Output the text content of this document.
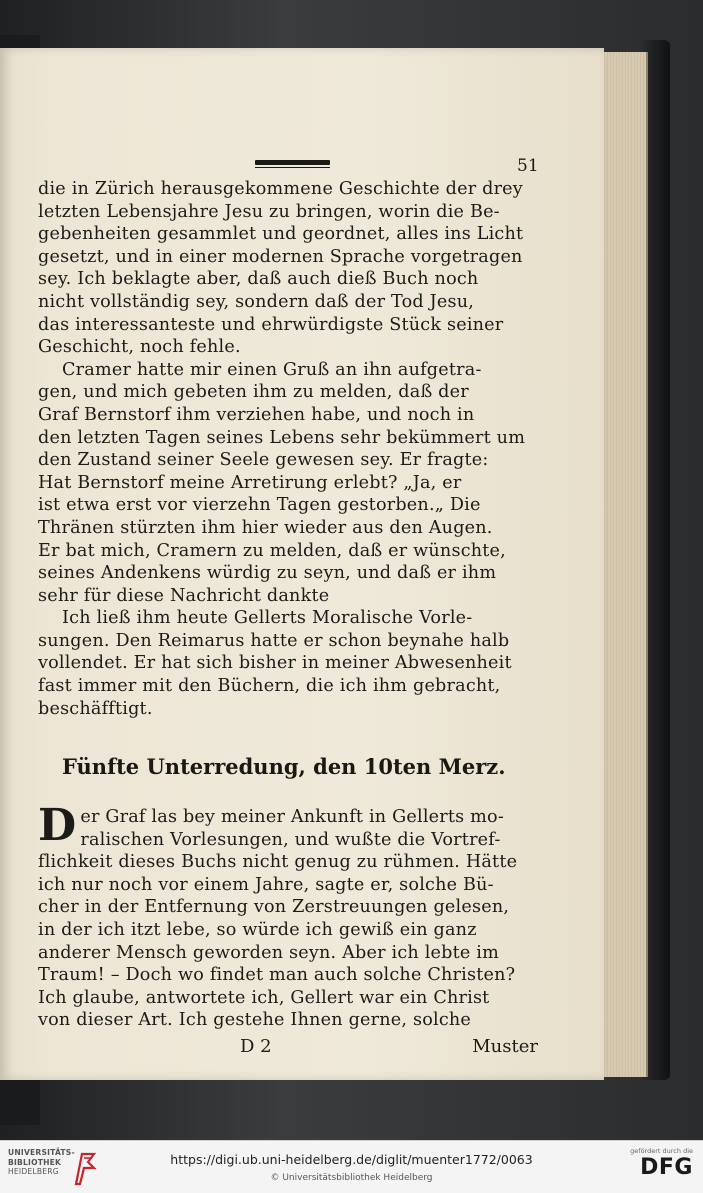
51
die in Zürich herausgekommene Geschichte der drey
letzten Lebensjahre Jesu zu bringen, worin die Be-
gebenheiten gesammlet und geordnet, alles ins Licht
gesetzt, und in einer modernen Sprache vorgetragen
sey. Ich beklagte aber, daß auch dieß Buch noch
nicht vollständig sey, sondern daß der Tod Jesu,
das interessanteste und ehrwürdigste Stück seiner
Geschicht, noch fehle.
Cramer hatte mir einen Gruß an ihn aufgetra-
gen, und mich gebeten ihm zu melden, daß der
Graf Bernstorf ihm verziehen habe, und noch in
den letzten Tagen seines Lebens sehr bekümmert um
den Zustand seiner Seele gewesen sey. Er fragte:
Hat Bernstorf meine Arretirung erlebt? „Ja, er
ist etwa erst vor vierzehn Tagen gestorben.„ Die
Thränen stürzten ihm hier wieder aus den Augen.
Er bat mich, Cramern zu melden, daß er wünschte,
seines Andenkens würdig zu seyn, und daß er ihm
sehr für diese Nachricht dankte
Ich ließ ihm heute Gellerts Moralische Vorle-
sungen. Den Reimarus hatte er schon beynahe halb
vollendet. Er hat sich bisher in meiner Abwesenheit
fast immer mit den Büchern, die ich ihm gebracht,
beschäfftigt.
Fünfte Unterredung, den 10ten Merz.
D er Graf las bey meiner Ankunft in Gellerts mo-
ralischen Vorlesungen, und wußte die Vortref-
flichkeit dieses Buchs nicht genug zu rühmen. Hätte
ich nur noch vor einem Jahre, sagte er, solche Bü-
cher in der Entfernung von Zerstreuungen gelesen,
in der ich itzt lebe, so würde ich gewiß ein ganz
anderer Mensch geworden seyn. Aber ich lebte im
Traum! – Doch wo findet man auch solche Christen?
Ich glaube, antwortete ich, Gellert war ein Christ
von dieser Art. Ich gestehe Ihnen gerne, solche
D 2	Muster
UNIVERSITÄTS-
BIBLIOTHEK
HEIDELBERG
https://digi.ub.uni-heidelberg.de/diglit/muenter1772/0063
© Universitätsbibliothek Heidelberg
gefördert durch die
DFG
